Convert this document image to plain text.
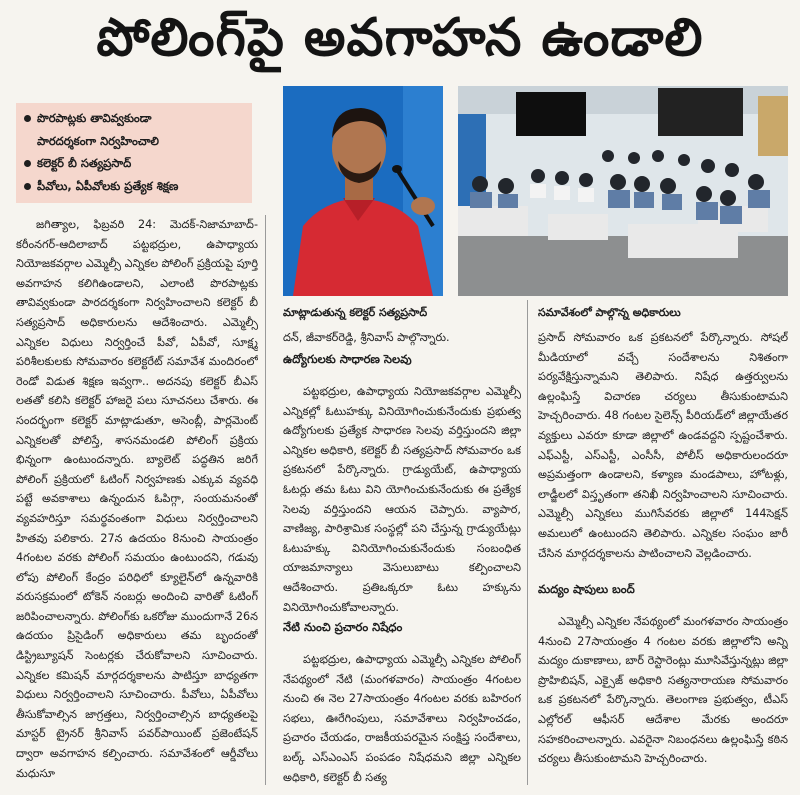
పోలింగ్‌పై అవగాహన ఉండాలి
పొరపాట్లకు తావివ్వకుండా
పారదర్శకంగా నిర్వహించాలి
కలెక్టర్ బీ సత్యప్రసాద్
పీవోలు, ఏపీవోలకు ప్రత్యేక శిక్షణ
మాట్లాడుతున్న కలెక్టర్ సత్యప్రసాద్	సమావేశంలో పాల్గొన్న అధికారులు

జగిత్యాల, ఫిబ్రవరి 24: మెదక్‌-నిజామాబాద్‌-కరీంనగర్‌-ఆదిలాబాద్ పట్టభద్రుల, ఉపాధ్యాయ నియోజకవర్గాల ఎమ్మెల్సీ ఎన్నికల పోలింగ్ ప్రక్రియపై పూర్తి అవగాహన కలిగిఉండాలని, ఎలాంటి పొరపాట్లకు తావివ్వకుండా పారదర్శకంగా నిర్వహించాలని కలెక్టర్ బీ సత్యప్రసాద్ అధికారులను ఆదేశించారు. ఎమ్మెల్సీ ఎన్నికల విధులు నిర్వర్తించే పీవో, ఏపీవో, సూక్ష్మ పరిశీలకులకు సోమవారం కలెక్టరేట్ సమావేశ మందిరంలో రెండో విడుత శిక్షణ ఇవ్వగా.. అదనపు కలెక్టర్ బీఎస్ లతతో కలిసి కలెక్టర్ హాజరై పలు సూచనలు చేశారు. ఈ సందర్భంగా కలెక్టర్ మాట్లాడుతూ, అసెంబ్లీ, పార్లమెంట్ ఎన్నికలతో పోలిస్తే, శాసనమండలి పోలింగ్ ప్రక్రియ భిన్నంగా ఉంటుందన్నారు. బ్యాలెట్ పద్ధతిన జరిగే పోలింగ్ ప్రక్రియలో ఓటింగ్ నిర్వహణకు ఎక్కువ వ్యవధి పట్టే అవకాశాలు ఉన్నందున ఓపిగ్గా, సంయమనంతో వ్యవహరిస్తూ సమర్థవంతంగా విధులు నిర్వర్తించాలని హితవు పలికారు. 27న ఉదయం 8నుంచి సాయంత్రం 4గంటల వరకు పోలింగ్ సమయం ఉంటుందని, గడువు లోపు పోలింగ్ కేంద్రం పరిధిలో క్యూలైన్‌లో ఉన్నవారికి వరుసక్రమంలో టోకెన్ నంబర్లు అందించి వారితో ఓటింగ్ జరిపించాలన్నారు. పోలింగ్‌కు ఒకరోజు ముందుగానే 26న ఉదయం ప్రిసైడింగ్ అధికారులు తమ బృందంతో డిస్ట్రిబ్యూషన్ సెంటర్లకు చేరుకోవాలని సూచించారు. ఎన్నికల కమిషన్ మార్గదర్శకాలను పాటిస్తూ బాధ్యతగా విధులు నిర్వర్తించాలని సూచించారు. పీవోలు, ఏపీవోలు తీసుకోవాల్సిన జాగ్రత్తలు, నిర్వర్తించాల్సిన బాధ్యతలపై మాస్టర్ ట్రైనర్ శ్రీనివాస్ పవర్‌పాయింట్ ప్రజెంటేషన్ ద్వారా అవగాహన కల్పించారు. సమావేశంలో ఆర్డీవోలు మధుసూ

దన్, జీవాకర్‌రెడ్డి, శ్రీనివాస్ పాల్గొన్నారు.

ఉద్యోగులకు సాధారణ సెలవు

పట్టభద్రుల, ఉపాధ్యాయ నియోజకవర్గాల ఎమ్మెల్సీ ఎన్నికల్లో ఓటుహక్కు వినియోగించుకునేందుకు ప్రభుత్వ ఉద్యోగులకు ప్రత్యేక సాధారణ సెలవు వర్తిస్తుందని జిల్లా ఎన్నికల అధికారి, కలెక్టర్ బీ సత్యప్రసాద్ సోమవారం ఒక ప్రకటనలో పేర్కొన్నారు. గ్రాడ్యుయేట్, ఉపాధ్యాయ ఓటర్లు తమ ఓటు విని యోగించుకునేందుకు ఈ ప్రత్యేక సెలవు వర్తిస్తుందని ఆయన చెప్పారు. వ్యాపార, వాణిజ్య, పారిశ్రామిక సంస్థల్లో పని చేస్తున్న గ్రాడ్యుయేట్లు ఓటుహక్కు వినియోగించుకునేందుకు సంబంధిత యాజమాన్యాలు వెసులుబాటు కల్పించాలని ఆదేశించారు. ప్రతిఒక్కరూ ఓటు హక్కును వినియోగించుకోవాలన్నారు.

నేటి నుంచి ప్రచారం నిషేధం

పట్టభద్రుల, ఉపాధ్యాయ ఎమ్మెల్సీ ఎన్నికల పోలింగ్ నేపథ్యంలో నేటి (మంగళవారం) సాయంత్రం 4గంటల నుంచి ఈ నెల 27సాయంత్రం 4గంటల వరకు బహిరంగ సభలు, ఊరేగింపులు, సమావేశాలు నిర్వహించడం, ప్రచారం చేయడం, రాజకీయపరమైన సంక్షిప్త సందేశాలు, బల్క్ ఎస్ఎంఎస్ పంపడం నిషేధమని జిల్లా ఎన్నికల అధికారి, కలెక్టర్ బీ సత్య

ప్రసాద్ సోమవారం ఒక ప్రకటనలో పేర్కొన్నారు. సోషల్ మీడియాలో వచ్చే సందేశాలను నిశితంగా పర్యవేక్షిస్తున్నామని తెలిపారు. నిషేధ ఉత్తర్వులను ఉల్లంఘిస్తే విచారణ చర్యలు తీసుకుంటామని హెచ్చరించారు. 48 గంటల సైలెన్స్ పీరియడ్‌లో జిల్లాయేతర వ్యక్తులు ఎవరూ కూడా జిల్లాలో ఉండవద్దని స్పష్టంచేశారు. ఎఫ్ఎస్టీ, ఎస్ఎస్టీ, ఎంసీసీ, పోలీస్ అధికారులందరూ అప్రమత్తంగా ఉండాలని, కళ్యాణ మండపాలు, హోటళ్లు, లాడ్జీలలో విస్తృతంగా తనిఖీ నిర్వహించాలని సూచించారు. ఎమ్మెల్సీ ఎన్నికలు ముగిసేవరకు జిల్లాలో 144సెక్షన్ అమలులో ఉంటుందని తెలిపారు. ఎన్నికల సంఘం జారీ చేసిన మార్గదర్శకాలను పాటించాలని వెల్లడించారు.

మద్యం షాపులు బంద్

ఎమ్మెల్సీ ఎన్నికల నేపథ్యంలో మంగళవారం సాయంత్రం 4నుంచి 27సాయంత్రం 4 గంటల వరకు జిల్లాలోని అన్ని మద్యం దుకాణాలు, బార్ రెస్టారెంట్లు మూసివేస్తున్నట్లు జిల్లా ప్రొహిబిషన్, ఎక్సైజ్ అధికారి సత్యనారాయణ సోమవారం ఒక ప్రకటనలో పేర్కొన్నారు. తెలంగాణ ప్రభుత్వం, టీఎస్ ఎల్లోరల్ ఆఫీసర్ ఆదేశాల మేరకు అందరూ సహకరించాలన్నారు. ఎవరైనా నిబంధనలు ఉల్లంఘిస్తే కఠిన చర్యలు తీసుకుంటామని హెచ్చరించారు.
